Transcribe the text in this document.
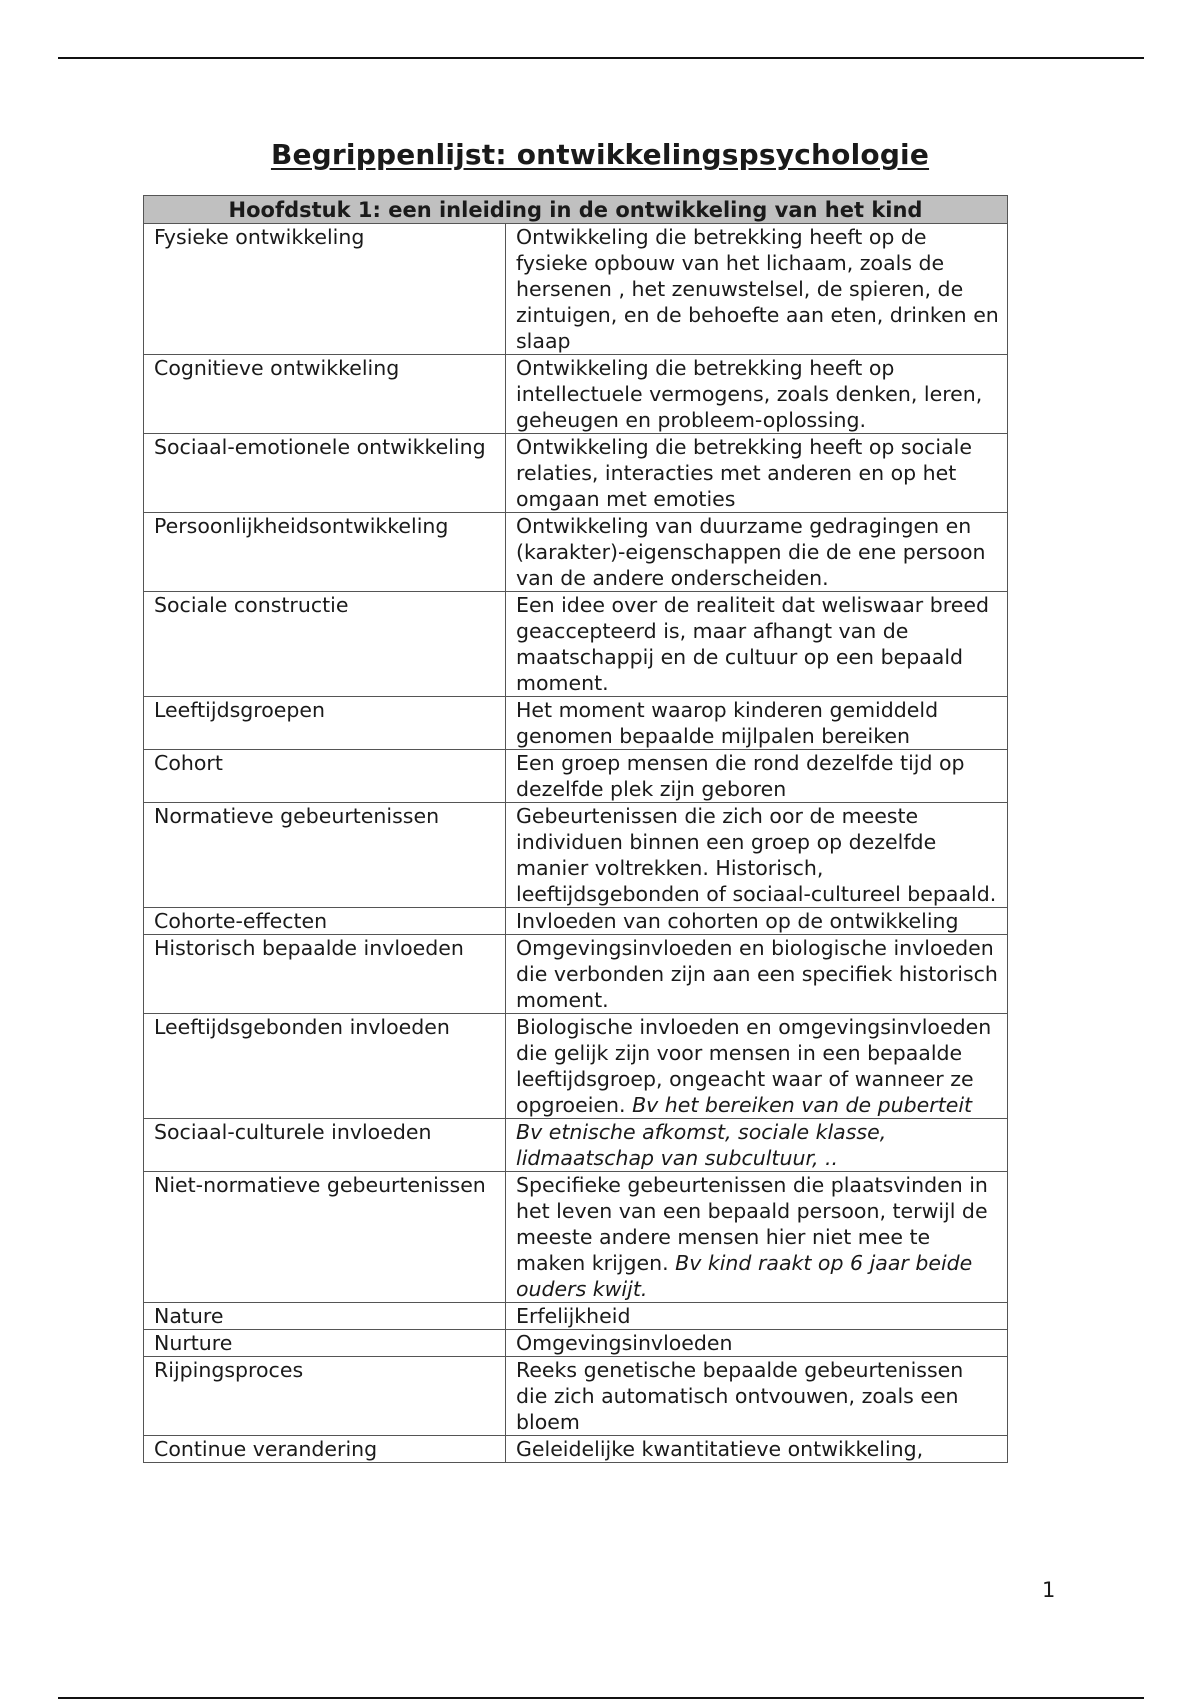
Begrippenlijst: ontwikkelingspsychologie
Hoofdstuk 1: een inleiding in de ontwikkeling van het kind	
Fysieke ontwikkeling	Ontwikkeling die betrekking heeft op de fysieke opbouw van het lichaam, zoals de hersenen , het zenuwstelsel, de spieren, de zintuigen, en de behoefte aan eten, drinken en slaap
Cognitieve ontwikkeling	Ontwikkeling die betrekking heeft op intellectuele vermogens, zoals denken, leren, geheugen en probleem-oplossing.
Sociaal-emotionele ontwikkeling	Ontwikkeling die betrekking heeft op sociale relaties, interacties met anderen en op het omgaan met emoties
Persoonlijkheidsontwikkeling	Ontwikkeling van duurzame gedragingen en (karakter)-eigenschappen die de ene persoon van de andere onderscheiden.
Sociale constructie	Een idee over de realiteit dat weliswaar breed geaccepteerd is, maar afhangt van de maatschappij en de cultuur op een bepaald moment.
Leeftijdsgroepen	Het moment waarop kinderen gemiddeld genomen bepaalde mijlpalen bereiken
Cohort	Een groep mensen die rond dezelfde tijd op dezelfde plek zijn geboren
Normatieve gebeurtenissen	Gebeurtenissen die zich oor de meeste individuen binnen een groep op dezelfde manier voltrekken. Historisch, leeftijdsgebonden of sociaal-cultureel bepaald.
Cohorte-effecten	Invloeden van cohorten op de ontwikkeling
Historisch bepaalde invloeden	Omgevingsinvloeden en biologische invloeden die verbonden zijn aan een specifiek historisch moment.
Leeftijdsgebonden invloeden	Biologische invloeden en omgevingsinvloeden die gelijk zijn voor mensen in een bepaalde leeftijdsgroep, ongeacht waar of wanneer ze opgroeien. Bv het bereiken van de puberteit
Sociaal-culturele invloeden	Bv etnische afkomst, sociale klasse, lidmaatschap van subcultuur, ..
Niet-normatieve gebeurtenissen	Specifieke gebeurtenissen die plaatsvinden in het leven van een bepaald persoon, terwijl de meeste andere mensen hier niet mee te maken krijgen. Bv kind raakt op 6 jaar beide ouders kwijt.
Nature	Erfelijkheid
Nurture	Omgevingsinvloeden
Rijpingsproces	Reeks genetische bepaalde gebeurtenissen die zich automatisch ontvouwen, zoals een bloem
Continue verandering	Geleidelijke kwantitatieve ontwikkeling,
1
